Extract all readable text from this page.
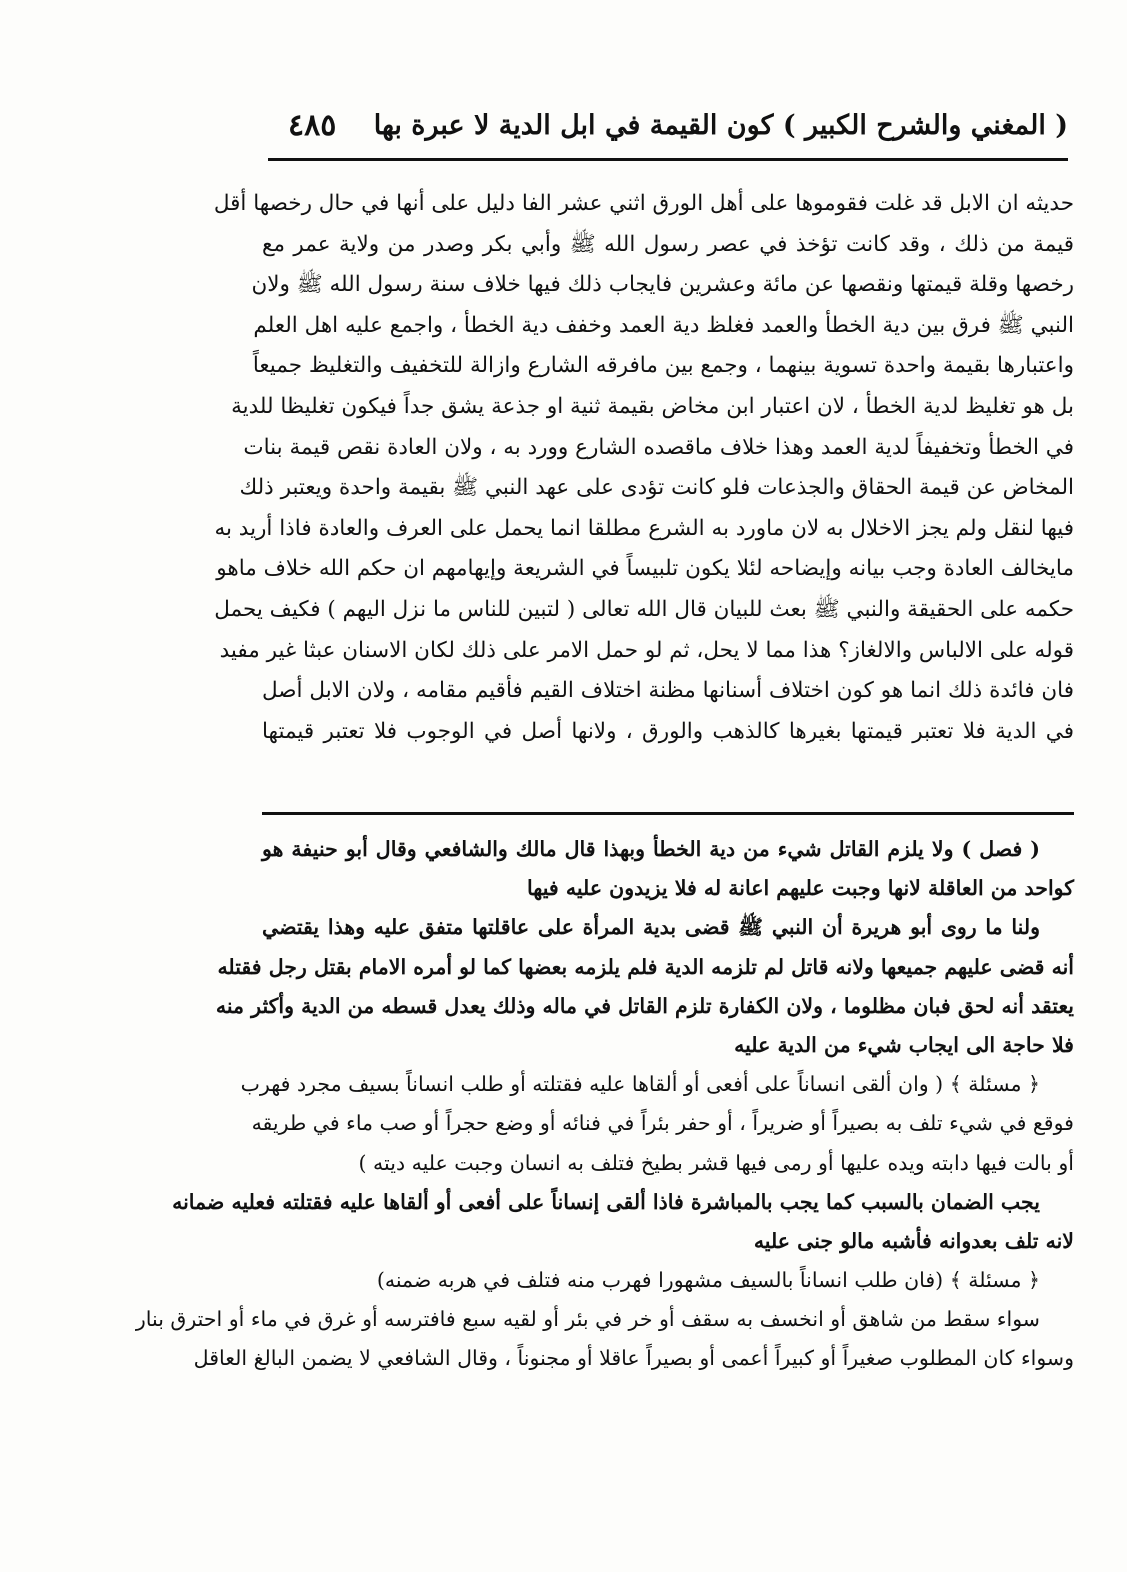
( المغني والشرح الكبير ) كون القيمة في ابل الدية لا عبرة بها
٤٨٥
حديثه ان الابل قد غلت فقوموها على أهل الورق اثني عشر الفا دليل على أنها في حال رخصها أقل
قيمة من ذلك ، وقد كانت تؤخذ في عصر رسول الله ﷺ وأبي بكر وصدر من ولاية عمر مع
رخصها وقلة قيمتها ونقصها عن مائة وعشرين فايجاب ذلك فيها خلاف سنة رسول الله ﷺ ولان
النبي ﷺ فرق بين دية الخطأ والعمد فغلظ دية العمد وخفف دية الخطأ ، واجمع عليه اهل العلم
واعتبارها بقيمة واحدة تسوية بينهما ، وجمع بين مافرقه الشارع وازالة للتخفيف والتغليظ جميعاً
بل هو تغليظ لدية الخطأ ، لان اعتبار ابن مخاض بقيمة ثنية او جذعة يشق جداً فيكون تغليظا للدية
في الخطأ وتخفيفاً لدية العمد وهذا خلاف ماقصده الشارع وورد به ، ولان العادة نقص قيمة بنات
المخاض عن قيمة الحقاق والجذعات فلو كانت تؤدى على عهد النبي ﷺ بقيمة واحدة ويعتبر ذلك
فيها لنقل ولم يجز الاخلال به لان ماورد به الشرع مطلقا انما يحمل على العرف والعادة فاذا أريد به
مايخالف العادة وجب بيانه وإيضاحه لئلا يكون تلبيساً في الشريعة وإيهامهم ان حكم الله خلاف ماهو
حكمه على الحقيقة والنبي ﷺ بعث للبيان قال الله تعالى ( لتبين للناس ما نزل اليهم ) فكيف يحمل
قوله على الالباس والالغاز؟ هذا مما لا يحل، ثم لو حمل الامر على ذلك لكان الاسنان عبثا غير مفيد
فان فائدة ذلك انما هو كون اختلاف أسنانها مظنة اختلاف القيم فأقيم مقامه ، ولان الابل أصل
في الدية فلا تعتبر قيمتها بغيرها كالذهب والورق ، ولانها أصل في الوجوب فلا تعتبر قيمتها
( فصل ) ولا يلزم القاتل شيء من دية الخطأ وبهذا قال مالك والشافعي وقال أبو حنيفة هو
كواحد من العاقلة لانها وجبت عليهم اعانة له فلا يزيدون عليه فيها
ولنا ما روى أبو هريرة أن النبي ﷺ قضى بدية المرأة على عاقلتها متفق عليه وهذا يقتضي
أنه قضى عليهم جميعها ولانه قاتل لم تلزمه الدية فلم يلزمه بعضها كما لو أمره الامام بقتل رجل فقتله
يعتقد أنه لحق فبان مظلوما ، ولان الكفارة تلزم القاتل في ماله وذلك يعدل قسطه من الدية وأكثر منه
فلا حاجة الى ايجاب شيء من الدية عليه
﴿ مسئلة ﴾ ( وان ألقى انساناً على أفعى أو ألقاها عليه فقتلته أو طلب انساناً بسيف مجرد فهرب
فوقع في شيء تلف به بصيراً أو ضريراً ، أو حفر بئراً في فنائه أو وضع حجراً أو صب ماء في طريقه
أو بالت فيها دابته ويده عليها أو رمى فيها قشر بطيخ فتلف به انسان وجبت عليه ديته )
يجب الضمان بالسبب كما يجب بالمباشرة فاذا ألقى إنساناً على أفعى أو ألقاها عليه فقتلته فعليه ضمانه
لانه تلف بعدوانه فأشبه مالو جنى عليه
﴿ مسئلة ﴾ (فان طلب انساناً بالسيف مشهورا فهرب منه فتلف في هربه ضمنه)
سواء سقط من شاهق أو انخسف به سقف أو خر في بئر أو لقيه سبع فافترسه أو غرق في ماء أو احترق بنار
وسواء كان المطلوب صغيراً أو كبيراً أعمى أو بصيراً عاقلا أو مجنوناً ، وقال الشافعي لا يضمن البالغ العاقل
